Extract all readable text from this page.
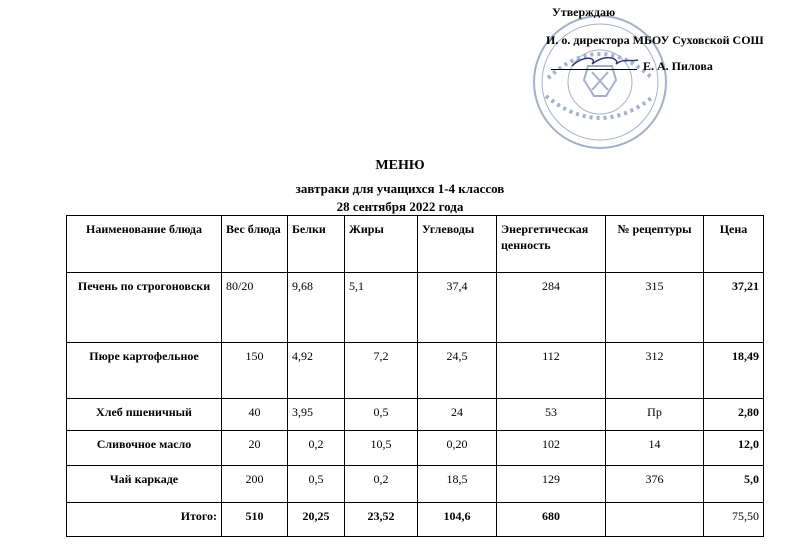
Утверждаю
И. о. директора МБОУ Суховской СОШ
Е. А. Пилова
МЕНЮ
завтраки для учащихся 1-4 классов
28 сентября 2022 года
Наименование блюда	Вес блюда	Белки	Жиры	Углеводы	Энергетическая ценность	№ рецептуры	Цена
Печень по строгоновски	80/20	9,68	5,1	37,4	284	315	37,21
Пюре картофельное	150	4,92	7,2	24,5	112	312	18,49
Хлеб пшеничный	40	3,95	0,5	24	53	Пр	2,80
Сливочное масло	20	0,2	10,5	0,20	102	14	12,0
Чай каркаде	200	0,5	0,2	18,5	129	376	5,0
Итого:	510	20,25	23,52	104,6	680		75,50
